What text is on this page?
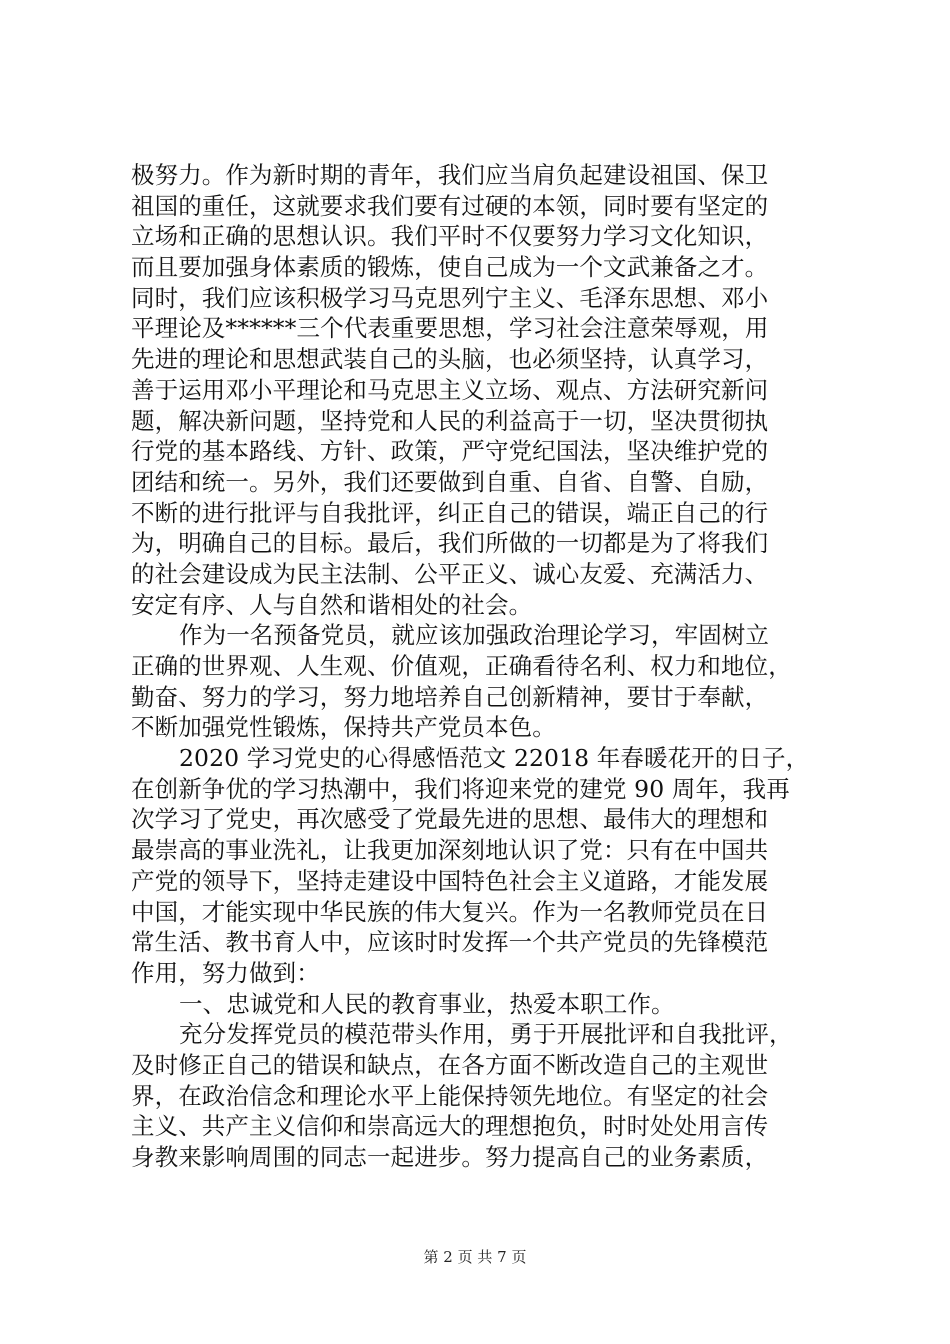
极努力。作为新时期的青年，我们应当肩负起建设祖国、保卫
祖国的重任，这就要求我们要有过硬的本领，同时要有坚定的
立场和正确的思想认识。我们平时不仅要努力学习文化知识，
而且要加强身体素质的锻炼，使自己成为一个文武兼备之才。
同时，我们应该积极学习马克思列宁主义、毛泽东思想、邓小
平理论及******三个代表重要思想，学习社会注意荣辱观，用
先进的理论和思想武装自己的头脑，也必须坚持，认真学习，
善于运用邓小平理论和马克思主义立场、观点、方法研究新问
题，解决新问题，坚持党和人民的利益高于一切，坚决贯彻执
行党的基本路线、方针、政策，严守党纪国法，坚决维护党的
团结和统一。另外，我们还要做到自重、自省、自警、自励，
不断的进行批评与自我批评，纠正自己的错误，端正自己的行
为，明确自己的目标。最后，我们所做的一切都是为了将我们
的社会建设成为民主法制、公平正义、诚心友爱、充满活力、
安定有序、人与自然和谐相处的社会。
作为一名预备党员，就应该加强政治理论学习，牢固树立
正确的世界观、人生观、价值观，正确看待名利、权力和地位，
勤奋、努力的学习，努力地培养自己创新精神，要甘于奉献，
不断加强党性锻炼，保持共产党员本色。
2020 学习党史的心得感悟范文 22018 年春暖花开的日子，
在创新争优的学习热潮中，我们将迎来党的建党 90 周年，我再
次学习了党史，再次感受了党最先进的思想、最伟大的理想和
最崇高的事业洗礼，让我更加深刻地认识了党：只有在中国共
产党的领导下，坚持走建设中国特色社会主义道路，才能发展
中国，才能实现中华民族的伟大复兴。作为一名教师党员在日
常生活、教书育人中，应该时时发挥一个共产党员的先锋模范
作用，努力做到：
一、忠诚党和人民的教育事业，热爱本职工作。
充分发挥党员的模范带头作用，勇于开展批评和自我批评，
及时修正自己的错误和缺点，在各方面不断改造自己的主观世
界，在政治信念和理论水平上能保持领先地位。有坚定的社会
主义、共产主义信仰和崇高远大的理想抱负，时时处处用言传
身教来影响周围的同志一起进步。努力提高自己的业务素质，
第 2 页 共 7 页
